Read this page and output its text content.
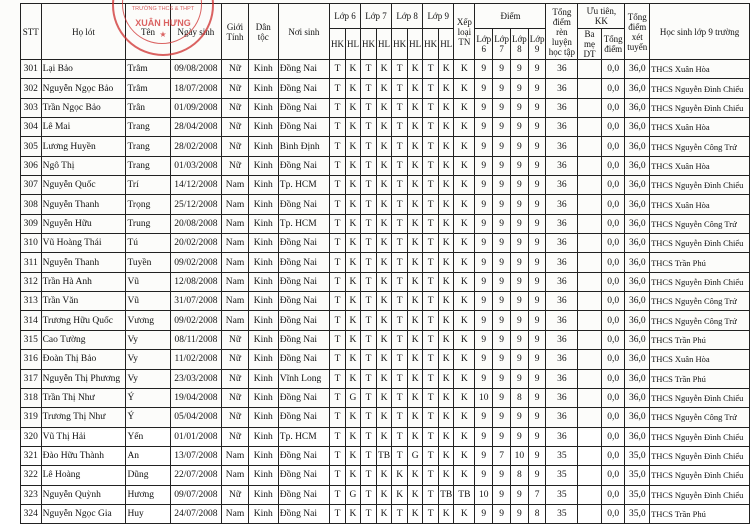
STT	Họ lót	Tên	Ngày sinh	Giới Tính	Dân tộc	Nơi sinh	Lớp 6		Lớp 7		Lớp 8		Lớp 9		Xếp loại TN	Điểm				Tổng điểm rèn luyện học tập	Ưu tiên, KK		Tổng điểm xét tuyển	Học sinh lớp 9 trường
																Lớp 6	Lớp 7	Lớp 8	Lớp 9		Ba mẹ DT	Tổng điểm		
							HK	HL	HK	HL	HK	HL	HK	HL										
301	Lại Bảo	Trâm	09/08/2008	Nữ	Kinh	Đồng Nai	T	K	T	K	T	K	T	K	K	9	9	9	9	36		0,0	36,0	THCS Xuân Hòa
302	Nguyễn Ngọc Bảo	Trâm	18/07/2008	Nữ	Kinh	Đồng Nai	T	K	T	K	T	K	T	K	K	9	9	9	9	36		0,0	36,0	THCS Nguyễn Đình Chiểu
303	Trần Ngọc Bảo	Trân	01/09/2008	Nữ	Kinh	Đồng Nai	T	K	T	K	T	K	T	K	K	9	9	9	9	36		0,0	36,0	THCS Nguyễn Đình Chiểu
304	Lê Mai	Trang	28/04/2008	Nữ	Kinh	Đồng Nai	T	K	T	K	T	K	T	K	K	9	9	9	9	36		0,0	36,0	THCS Xuân Hòa
305	Lương Huyền	Trang	28/02/2008	Nữ	Kinh	Bình Định	T	K	T	K	T	K	T	K	K	9	9	9	9	36		0,0	36,0	THCS Nguyễn Công Trứ
306	Ngô Thị	Trang	01/03/2008	Nữ	Kinh	Đồng Nai	T	K	T	K	T	K	T	K	K	9	9	9	9	36		0,0	36,0	THCS Xuân Hòa
307	Nguyễn Quốc	Trí	14/12/2008	Nam	Kinh	Tp. HCM	T	K	T	K	T	K	T	K	K	9	9	9	9	36		0,0	36,0	THCS Nguyễn Đình Chiểu
308	Nguyễn Thanh	Trọng	25/12/2008	Nam	Kinh	Đồng Nai	T	K	T	K	T	K	T	K	K	9	9	9	9	36		0,0	36,0	THCS Xuân Hòa
309	Nguyễn Hữu	Trung	20/08/2008	Nam	Kinh	Tp. HCM	T	K	T	K	T	K	T	K	K	9	9	9	9	36		0,0	36,0	THCS Nguyễn Công Trứ
310	Vũ Hoàng Thái	Tú	20/02/2008	Nam	Kinh	Đồng Nai	T	K	T	K	T	K	T	K	K	9	9	9	9	36		0,0	36,0	THCS Nguyễn Đình Chiểu
311	Nguyễn Thanh	Tuyền	09/02/2008	Nam	Kinh	Đồng Nai	T	K	T	K	T	K	T	K	K	9	9	9	9	36		0,0	36,0	THCS Trần Phú
312	Trần Hà Anh	Vũ	12/08/2008	Nam	Kinh	Đồng Nai	T	K	T	K	T	K	T	K	K	9	9	9	9	36		0,0	36,0	THCS Nguyễn Đình Chiểu
313	Trần Văn	Vũ	31/07/2008	Nam	Kinh	Đồng Nai	T	K	T	K	T	K	T	K	K	9	9	9	9	36		0,0	36,0	THCS Nguyễn Công Trứ
314	Trương Hữu Quốc	Vương	09/02/2008	Nam	Kinh	Đồng Nai	T	K	T	K	T	K	T	K	K	9	9	9	9	36		0,0	36,0	THCS Nguyễn Công Trứ
315	Cao Tường	Vy	08/11/2008	Nữ	Kinh	Đồng Nai	T	K	T	K	T	K	T	K	K	9	9	9	9	36		0,0	36,0	THCS Trần Phú
316	Đoàn Thị Bảo	Vy	11/02/2008	Nữ	Kinh	Đồng Nai	T	K	T	K	T	K	T	K	K	9	9	9	9	36		0,0	36,0	THCS Xuân Hòa
317	Nguyễn Thị Phương	Vy	23/03/2008	Nữ	Kinh	Vĩnh Long	T	K	T	K	T	K	T	K	K	9	9	9	9	36		0,0	36,0	THCS Trần Phú
318	Trần Thị Như	Ý	19/04/2008	Nữ	Kinh	Đồng Nai	T	G	T	K	T	K	T	K	K	10	9	8	9	36		0,0	36,0	THCS Nguyễn Đình Chiểu
319	Trương Thị Như	Ý	05/04/2008	Nữ	Kinh	Đồng Nai	T	K	T	K	T	K	T	K	K	9	9	9	9	36		0,0	36,0	THCS Nguyễn Công Trứ
320	Vũ Thị Hải	Yến	01/01/2008	Nữ	Kinh	Tp. HCM	T	K	T	K	T	K	T	K	K	9	9	9	9	36		0,0	36,0	THCS Nguyễn Đình Chiểu
321	Đào Hữu Thành	An	13/07/2008	Nam	Kinh	Đồng Nai	T	K	T	TB	T	G	T	K	K	9	7	10	9	35		0,0	35,0	THCS Nguyễn Đình Chiểu
322	Lê Hoàng	Dũng	22/07/2008	Nam	Kinh	Đồng Nai	T	K	T	K	K	K	T	K	K	9	9	8	9	35		0,0	35,0	THCS Nguyễn Đình Chiểu
323	Nguyễn Quỳnh	Hương	09/07/2008	Nữ	Kinh	Đồng Nai	T	G	T	K	K	K	T	TB	TB	10	9	9	7	35		0,0	35,0	THCS Nguyễn Đình Chiểu
324	Nguyễn Ngọc Gia	Huy	24/07/2008	Nam	Kinh	Đồng Nai	T	K	T	K	T	K	T	K	K	9	9	9	8	35		0,0	35,0	THCS Trần Phú
TRƯỜNG THCS & THPT
XUÂN HƯNG
★
